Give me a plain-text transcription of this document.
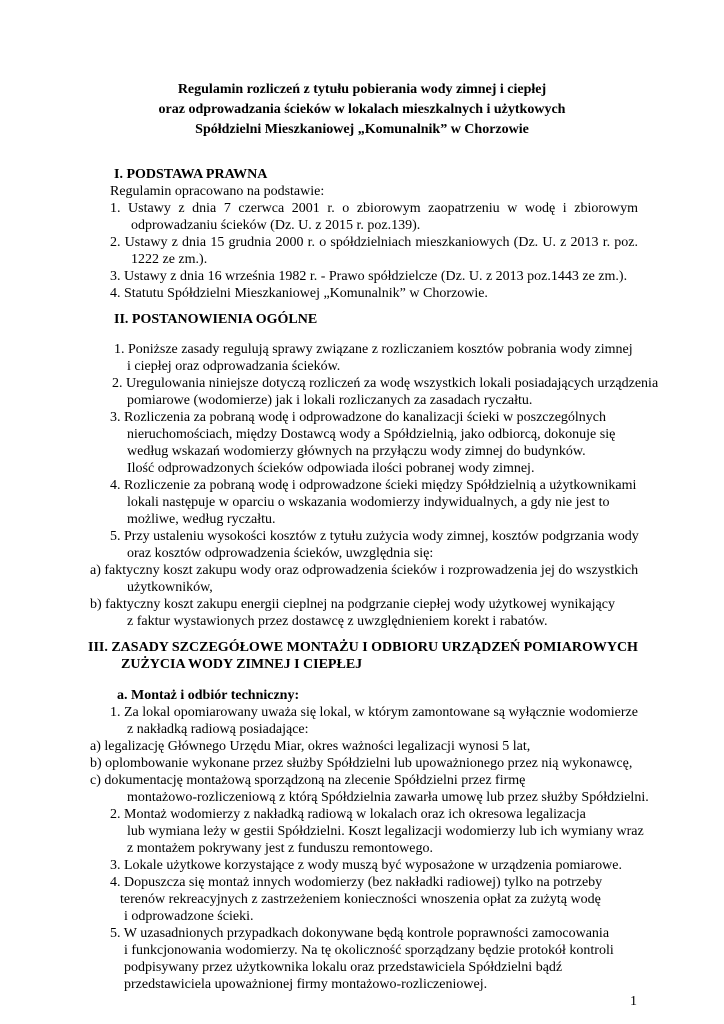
Regulamin rozliczeń z tytułu pobierania wody zimnej i ciepłej
oraz odprowadzania ścieków w lokalach mieszkalnych i użytkowych
Spółdzielni Mieszkaniowej „Komunalnik” w Chorzowie
I. PODSTAWA PRAWNA
Regulamin opracowano na podstawie:
1. Ustawy z dnia 7 czerwca 2001 r. o zbiorowym zaopatrzeniu w wodę i zbiorowym
odprowadzaniu ścieków (Dz. U. z 2015 r. poz.139).
2. Ustawy z dnia 15 grudnia 2000 r. o spółdzielniach mieszkaniowych (Dz. U. z 2013 r. poz.
1222 ze zm.).
3. Ustawy z dnia 16 września 1982 r. - Prawo spółdzielcze (Dz. U. z 2013 poz.1443 ze zm.).
4. Statutu Spółdzielni Mieszkaniowej „Komunalnik” w Chorzowie.
II. POSTANOWIENIA OGÓLNE
1. Poniższe zasady regulują sprawy związane z rozliczaniem kosztów pobrania wody zimnej
i ciepłej oraz odprowadzania ścieków.
2. Uregulowania niniejsze dotyczą rozliczeń za wodę wszystkich lokali posiadających urządzenia
pomiarowe (wodomierze) jak i lokali rozliczanych za zasadach ryczałtu.
3. Rozliczenia za pobraną wodę i odprowadzone do kanalizacji ścieki w poszczególnych
nieruchomościach, między Dostawcą wody a Spółdzielnią, jako odbiorcą, dokonuje się
według wskazań wodomierzy głównych na przyłączu wody zimnej do budynków.
Ilość odprowadzonych ścieków odpowiada ilości pobranej wody zimnej.
4. Rozliczenie za pobraną wodę i odprowadzone ścieki między Spółdzielnią a użytkownikami
lokali następuje w oparciu o wskazania wodomierzy indywidualnych, a gdy nie jest to
możliwe, według ryczałtu.
5. Przy ustaleniu wysokości kosztów z tytułu zużycia wody zimnej, kosztów podgrzania wody
oraz kosztów odprowadzenia ścieków, uwzględnia się:
a) faktyczny koszt zakupu wody oraz odprowadzenia ścieków i rozprowadzenia jej do wszystkich
użytkowników,
b) faktyczny koszt zakupu energii cieplnej na podgrzanie ciepłej wody użytkowej wynikający
z faktur wystawionych przez dostawcę z uwzględnieniem korekt i rabatów.
III. ZASADY SZCZEGÓŁOWE MONTAŻU I ODBIORU URZĄDZEŃ POMIAROWYCH
ZUŻYCIA WODY ZIMNEJ I CIEPŁEJ
a. Montaż i odbiór techniczny:
1. Za lokal opomiarowany uważa się lokal, w którym zamontowane są wyłącznie wodomierze
z nakładką radiową posiadające:
a) legalizację Głównego Urzędu Miar, okres ważności legalizacji wynosi 5 lat,
b) oplombowanie wykonane przez służby Spółdzielni lub upoważnionego przez nią wykonawcę,
c) dokumentację montażową sporządzoną na zlecenie Spółdzielni przez firmę
montażowo-rozliczeniową z którą Spółdzielnia zawarła umowę lub przez służby Spółdzielni.
2. Montaż wodomierzy z nakładką radiową w lokalach oraz ich okresowa legalizacja
lub wymiana leży w gestii Spółdzielni. Koszt legalizacji wodomierzy lub ich wymiany wraz
z montażem pokrywany jest z funduszu remontowego.
3. Lokale użytkowe korzystające z wody muszą być wyposażone w urządzenia pomiarowe.
4. Dopuszcza się montaż innych wodomierzy (bez nakładki radiowej) tylko na potrzeby
terenów rekreacyjnych z zastrzeżeniem konieczności wnoszenia opłat za zużytą wodę
i odprowadzone ścieki.
5. W uzasadnionych przypadkach dokonywane będą kontrole poprawności zamocowania
i funkcjonowania wodomierzy. Na tę okoliczność sporządzany będzie protokół kontroli
podpisywany przez użytkownika lokalu oraz przedstawiciela Spółdzielni bądź
przedstawiciela upoważnionej firmy montażowo-rozliczeniowej.
1
